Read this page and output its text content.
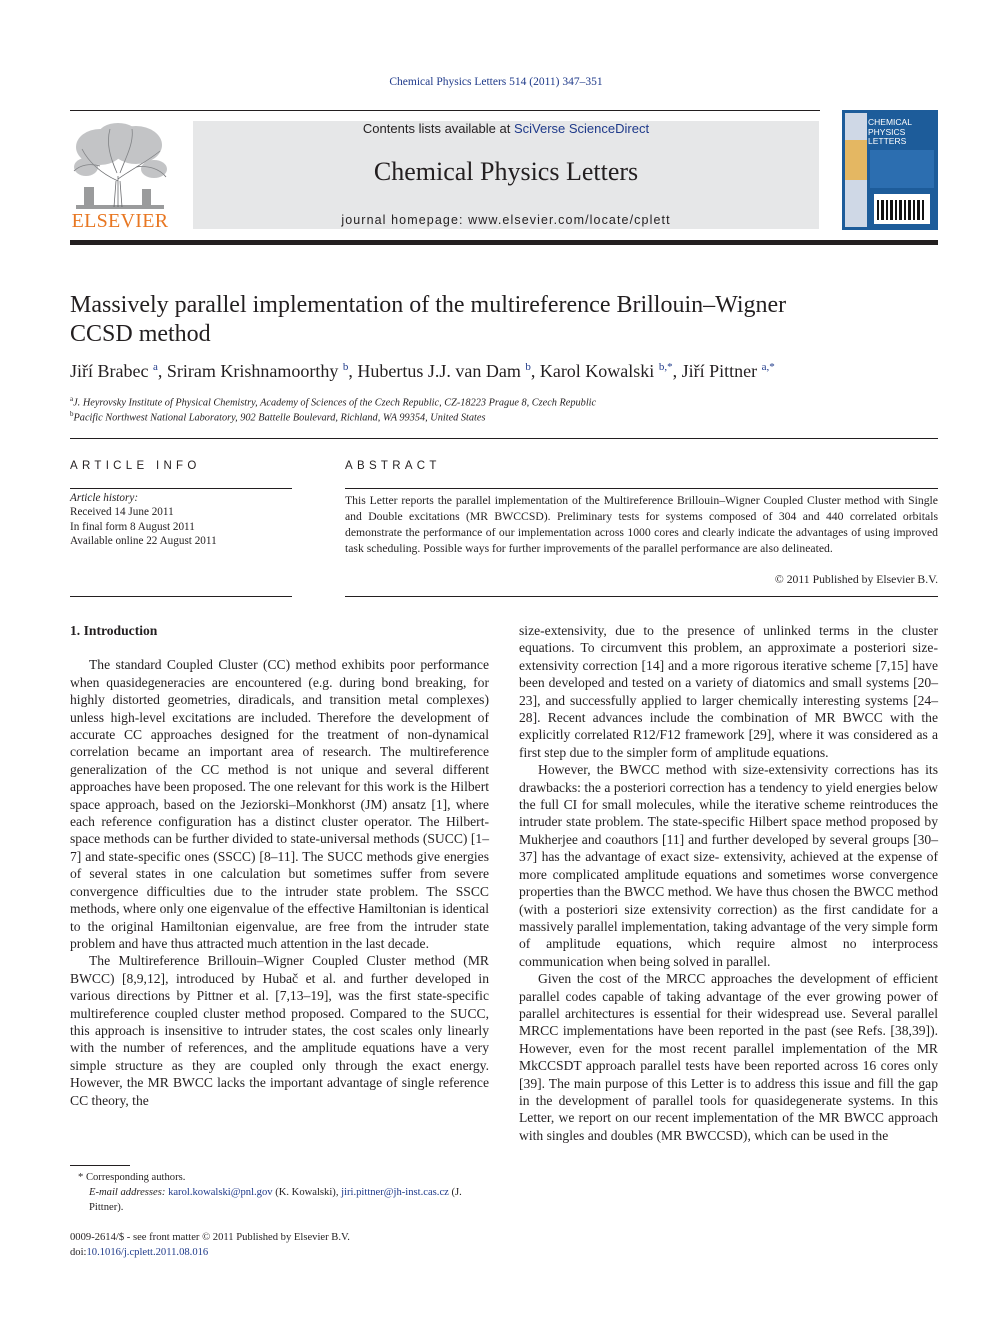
Chemical Physics Letters 514 (2011) 347–351
ELSEVIER
Contents lists available at SciVerse ScienceDirect
Chemical Physics Letters
journal homepage: www.elsevier.com/locate/cplett
CHEMICAL
PHYSICS
LETTERS
Massively parallel implementation of the multireference Brillouin–Wigner
CCSD method
Jiří Brabec $^a$, Sriram Krishnamoorthy $^b$, Hubertus J.J. van Dam $^b$, Karol Kowalski $^{b,*}$, Jiří Pittner $^{a,*}$
$^a$J. Heyrovsky Institute of Physical Chemistry, Academy of Sciences of the Czech Republic, CZ-18223 Prague 8, Czech Republic
$^b$Pacific Northwest National Laboratory, 902 Battelle Boulevard, Richland, WA 99354, United States
ARTICLE INFO
Article history:
Received 14 June 2011
In final form 8 August 2011
Available online 22 August 2011
ABSTRACT
This Letter reports the parallel implementation of the Multireference Brillouin–Wigner Coupled Cluster method with Single and Double excitations (MR BWCCSD). Preliminary tests for systems composed of 304 and 440 correlated orbitals demonstrate the performance of our implementation across 1000 cores and clearly indicate the advantages of using improved task scheduling. Possible ways for further improvements of the parallel performance are also delineated.
© 2011 Published by Elsevier B.V.
1. Introduction

The standard Coupled Cluster (CC) method exhibits poor performance when quasidegeneracies are encountered (e.g. during bond breaking, for highly distorted geometries, diradicals, and transition metal complexes) unless high-level excitations are included. Therefore the development of accurate CC approaches designed for the treatment of non-dynamical correlation became an important area of research. The multireference generalization of the CC method is not unique and several different approaches have been proposed. The one relevant for this work is the Hilbert space approach, based on the Jeziorski–Monkhorst (JM) ansatz [1], where each reference configuration has a distinct cluster operator. The Hilbert-space methods can be further divided to state-universal methods (SUCC) [1–7] and state-specific ones (SSCC) [8–11]. The SUCC methods give energies of several states in one calculation but sometimes suffer from severe convergence difficulties due to the intruder state problem. The SSCC methods, where only one eigenvalue of the effective Hamiltonian is identical to the original Hamiltonian eigenvalue, are free from the intruder state problem and have thus attracted much attention in the last decade.

The Multireference Brillouin–Wigner Coupled Cluster method (MR BWCC) [8,9,12], introduced by Hubač et al. and further developed in various directions by Pittner et al. [7,13–19], was the first state-specific multireference coupled cluster method proposed. Compared to the SUCC, this approach is insensitive to intruder states, the cost scales only linearly with the number of references, and the amplitude equations have a very simple structure as they are coupled only through the exact energy. However, the MR BWCC lacks the important advantage of single reference CC theory, the

size-extensivity, due to the presence of unlinked terms in the cluster equations. To circumvent this problem, an approximate a posteriori size-extensivity correction [14] and a more rigorous iterative scheme [7,15] have been developed and tested on a variety of diatomics and small systems [20–23], and successfully applied to larger chemically interesting systems [24–28]. Recent advances include the combination of MR BWCC with the explicitly correlated R12/F12 framework [29], where it was considered as a first step due to the simpler form of amplitude equations.

However, the BWCC method with size-extensivity corrections has its drawbacks: the a posteriori correction has a tendency to yield energies below the full CI for small molecules, while the iterative scheme reintroduces the intruder state problem. The state-specific Hilbert space method proposed by Mukherjee and coauthors [11] and further developed by several groups [30–37] has the advantage of exact size- extensivity, achieved at the expense of more complicated amplitude equations and sometimes worse convergence properties than the BWCC method. We have thus chosen the BWCC method (with a posteriori size extensivity correction) as the first candidate for a massively parallel implementation, taking advantage of the very simple form of amplitude equations, which require almost no interprocess communication when being solved in parallel.

Given the cost of the MRCC approaches the development of efficient parallel codes capable of taking advantage of the ever growing power of parallel architectures is essential for their widespread use. Several parallel MRCC implementations have been reported in the past (see Refs. [38,39]). However, even for the most recent parallel implementation of the MR MkCCSDT approach parallel tests have been reported across 16 cores only [39]. The main purpose of this Letter is to address this issue and fill the gap in the development of parallel tools for quasidegenerate systems. In this Letter, we report on our recent implementation of the MR BWCC approach with singles and doubles (MR BWCCSD), which can be used in the

* Corresponding authors.
E-mail addresses: karol.kowalski@pnl.gov (K. Kowalski), jiri.pittner@jh-inst.cas.cz (J. Pittner).
0009-2614/$ - see front matter © 2011 Published by Elsevier B.V.
doi:10.1016/j.cplett.2011.08.016
